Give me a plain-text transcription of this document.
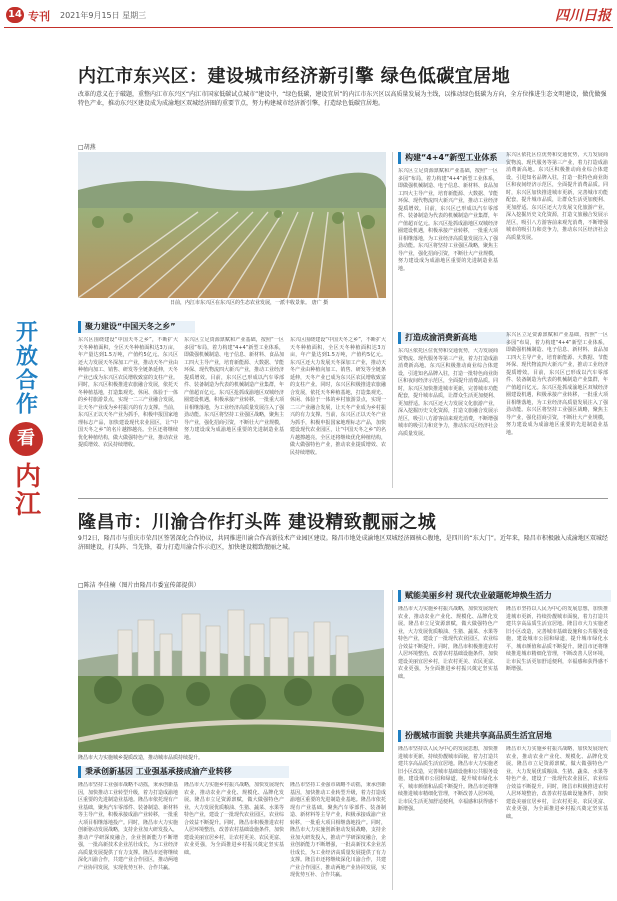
14 专刊 2021年9月15日 星期三	四川日报
开放合作
看
内江
内江市东兴区：建设城市经济新引擎 绿色低碳宜居地
改革的意义在于破题，重整内江市东兴区“内江市国家低碳试点城市”建设中，“绿色低碳，建设宜居”的内江市东兴区以高质量发展为主线，以推动绿色低碳为方向，全方位推进生态文明建设，做优做强特色产业，推动东兴区建设成为成渝地区双城经济圈的重要节点，努力构建城市经济新引擎，打造绿色低碳宜居地。
□胡燕
日前，内江市东兴区在东兴区的生态农业发展，一派丰收景象。 唐广 摄
聚力建设“中国天冬之乡”
东兴区围绕建设“中国天冬之乡”，不断扩大天冬种植面积，全区天冬种植面积达3万亩，年产量达到1.5万吨，产值约5亿元。东兴区还大力发展天冬深加工产业，推动天冬产业由种植向加工、销售、研发等全链条延伸，天冬产业已成为东兴区农民增收致富的支柱产业。同时，东兴区积极推进农旅融合发展，依托天冬种植基地，打造集观光、休闲、体验于一体的乡村旅游景点，实现一二三产业融合发展，让天冬产业成为乡村振兴的有力支撑。当前，东兴区正以天冬产业为抓手，积极申报国家地理标志产品，加快建设现代农业园区，让“中国天冬之乡”的名片越擦越亮。全区还将继续优化种植结构，做大做强特色产业，推动农业提质增效、农民持续增收。
东兴区立足资源禀赋和产业基础，按照“一区多园”布局，着力构建“4+4”新型工业体系，即做强机械制造、电子信息、新材料、食品加工四大主导产业，培育新能源、大数据、节能环保、现代物流四大新兴产业，推动工业经济提质增效。目前，东兴区已形成以汽车零部件、装备制造为代表的机械制造产业集群，年产值超百亿元。东兴区抢抓成渝地区双城经济圈建设机遇，积极承接产业转移，一批重大项目相继落地，为工业经济高质量发展注入了强劲动能。东兴区将坚持工业强区战略，聚焦主导产业，强化招商引资，不断壮大产业规模，努力建设成为成渝地区重要的先进制造业基地。
东兴区围绕建设“中国天冬之乡”，不断扩大天冬种植面积，全区天冬种植面积达3万亩，年产量达到1.5万吨，产值约5亿元。东兴区还大力发展天冬深加工产业，推动天冬产业由种植向加工、销售、研发等全链条延伸，天冬产业已成为东兴区农民增收致富的支柱产业。同时，东兴区积极推进农旅融合发展，依托天冬种植基地，打造集观光、休闲、体验于一体的乡村旅游景点，实现一二三产业融合发展，让天冬产业成为乡村振兴的有力支撑。当前，东兴区正以天冬产业为抓手，积极申报国家地理标志产品，加快建设现代农业园区，让“中国天冬之乡”的名片越擦越亮。全区还将继续优化种植结构，做大做强特色产业，推动农业提质增效、农民持续增收。
构建“4+4”新型工业体系
东兴区立足资源禀赋和产业基础，按照“一区多园”布局，着力构建“4+4”新型工业体系，即做强机械制造、电子信息、新材料、食品加工四大主导产业，培育新能源、大数据、节能环保、现代物流四大新兴产业，推动工业经济提质增效。目前，东兴区已形成以汽车零部件、装备制造为代表的机械制造产业集群，年产值超百亿元。东兴区抢抓成渝地区双城经济圈建设机遇，积极承接产业转移，一批重大项目相继落地，为工业经济高质量发展注入了强劲动能。东兴区将坚持工业强区战略，聚焦主导产业，强化招商引资，不断壮大产业规模，努力建设成为成渝地区重要的先进制造业基地。
东兴区依托区位优势和交通优势，大力发展商贸物流、现代服务等第三产业，着力打造成渝消费新高地。东兴区积极推动商业综合体建设，引进知名品牌入驻，打造一批特色商业街区和夜间经济示范区，全面提升消费品质。同时，东兴区加快推进城市更新，完善城市功能配套，提升城市品质，让群众生活更加便利、更加舒适。东兴区还大力发展文化旅游产业，深入挖掘历史文化资源，打造文旅融合发展示范区，吸引八方游客前来观光消费，不断增强城市的吸引力和竞争力，推动东兴区经济社会高质量发展。
打造成渝消费新高地
东兴区依托区位优势和交通优势，大力发展商贸物流、现代服务等第三产业，着力打造成渝消费新高地。东兴区积极推动商业综合体建设，引进知名品牌入驻，打造一批特色商业街区和夜间经济示范区，全面提升消费品质。同时，东兴区加快推进城市更新，完善城市功能配套，提升城市品质，让群众生活更加便利、更加舒适。东兴区还大力发展文化旅游产业，深入挖掘历史文化资源，打造文旅融合发展示范区，吸引八方游客前来观光消费，不断增强城市的吸引力和竞争力，推动东兴区经济社会高质量发展。
东兴区立足资源禀赋和产业基础，按照“一区多园”布局，着力构建“4+4”新型工业体系，即做强机械制造、电子信息、新材料、食品加工四大主导产业，培育新能源、大数据、节能环保、现代物流四大新兴产业，推动工业经济提质增效。目前，东兴区已形成以汽车零部件、装备制造为代表的机械制造产业集群，年产值超百亿元。东兴区抢抓成渝地区双城经济圈建设机遇，积极承接产业转移，一批重大项目相继落地，为工业经济高质量发展注入了强劲动能。东兴区将坚持工业强区战略，聚焦主导产业，强化招商引资，不断壮大产业规模，努力建设成为成渝地区重要的先进制造业基地。
隆昌市：川渝合作打头阵 建设精致靓丽之城
9月2日，隆昌市与重庆市荣昌区签署深化合作协议，共同推进川渝合作高新技术产业园区建设。隆昌市地处成渝地区双城经济圈核心腹地，是四川的“东大门”。近年来，隆昌市积极融入成渝地区双城经济圈建设，打头阵、当先锋，着力打造川渝合作示范区，加快建设精致靓丽之城。
□陈洁 李佳楠（图片由隆昌市委宣传部提供）
隆昌市大力实施城乡提质改造，推动城市品质持续提升。
赋能美丽乡村 现代农业破题乾坤焕生活力
隆昌市大力实施乡村振兴战略，加快发展现代农业，推动农业产业化、规模化、品牌化发展。隆昌市立足资源禀赋，做大做强特色产业，大力发展优质粮油、生猪、蔬菜、水果等特色产业，建设了一批现代农业园区，农业综合效益不断提升。同时，隆昌市积极推进农村人居环境整治，改善农村基础设施条件，加快建设美丽宜居乡村，让农村更美、农民更富、农业更强，为全面推进乡村振兴奠定坚实基础。
隆昌市坚持以人民为中心的发展思想，加快推进城市更新，持续扮靓城市面貌，着力打造共建共享高品质生活宜居地。隆昌市大力实施老旧小区改造，完善城市基础设施和公共服务设施，建设城市公园和绿道，提升城市绿化水平，城市颜值和品质不断提升。隆昌市还将继续推进城市精细化管理，不断改善人居环境，让市民生活更加舒适便利，幸福感和获得感不断增强。
扮靓城市面貌 共建共享高品质生活宜居地
隆昌市坚持以人民为中心的发展思想，加快推进城市更新，持续扮靓城市面貌，着力打造共建共享高品质生活宜居地。隆昌市大力实施老旧小区改造，完善城市基础设施和公共服务设施，建设城市公园和绿道，提升城市绿化水平，城市颜值和品质不断提升。隆昌市还将继续推进城市精细化管理，不断改善人居环境，让市民生活更加舒适便利，幸福感和获得感不断增强。
隆昌市大力实施乡村振兴战略，加快发展现代农业，推动农业产业化、规模化、品牌化发展。隆昌市立足资源禀赋，做大做强特色产业，大力发展优质粮油、生猪、蔬菜、水果等特色产业，建设了一批现代农业园区，农业综合效益不断提升。同时，隆昌市积极推进农村人居环境整治，改善农村基础设施条件，加快建设美丽宜居乡村，让农村更美、农民更富、农业更强，为全面推进乡村振兴奠定坚实基础。
秉承创新基因 工业强基承接成渝产业转移
隆昌市坚持工业强市战略不动摇，秉承创新基因，加快推动工业转型升级，着力打造成渝地区重要的先进制造业基地。隆昌市依托现有产业基础，聚焦汽车零部件、装备制造、新材料等主导产业，积极承接成渝产业转移，一批重大项目相继落地投产。同时，隆昌市大力实施创新驱动发展战略，支持企业加大研发投入，推动产学研深度融合，企业创新能力不断增强，一批高新技术企业茁壮成长，为工业经济高质量发展提供了有力支撑。隆昌市还将继续深化川渝合作，共建产业合作园区，推动两地产业协同发展，实现优势互补、合作共赢。
隆昌市大力实施乡村振兴战略，加快发展现代农业，推动农业产业化、规模化、品牌化发展。隆昌市立足资源禀赋，做大做强特色产业，大力发展优质粮油、生猪、蔬菜、水果等特色产业，建设了一批现代农业园区，农业综合效益不断提升。同时，隆昌市积极推进农村人居环境整治，改善农村基础设施条件，加快建设美丽宜居乡村，让农村更美、农民更富、农业更强，为全面推进乡村振兴奠定坚实基础。
隆昌市坚持工业强市战略不动摇，秉承创新基因，加快推动工业转型升级，着力打造成渝地区重要的先进制造业基地。隆昌市依托现有产业基础，聚焦汽车零部件、装备制造、新材料等主导产业，积极承接成渝产业转移，一批重大项目相继落地投产。同时，隆昌市大力实施创新驱动发展战略，支持企业加大研发投入，推动产学研深度融合，企业创新能力不断增强，一批高新技术企业茁壮成长，为工业经济高质量发展提供了有力支撑。隆昌市还将继续深化川渝合作，共建产业合作园区，推动两地产业协同发展，实现优势互补、合作共赢。
